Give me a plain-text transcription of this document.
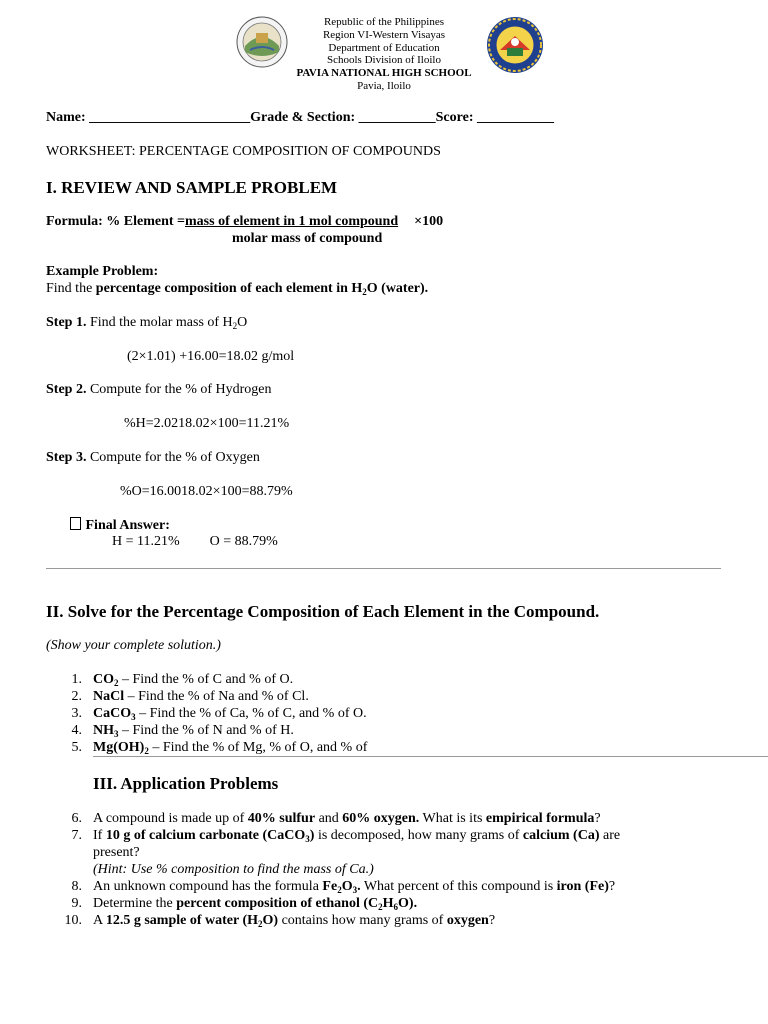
Republic of the Philippines
Region VI-Western Visayas
Department of Education
Schools Division of Iloilo
PAVIA NATIONAL HIGH SCHOOL
Pavia, Iloilo
Name: _______________________Grade & Section: ___________Score: ___________
WORKSHEET: PERCENTAGE COMPOSITION OF COMPOUNDS
I. REVIEW AND SAMPLE PROBLEM
Formula: % Element =mass of element in 1 mol compound ×100
molar mass of compound
Example Problem:
Find the percentage composition of each element in $H_2O$ (water).
Step 1. Find the molar mass of $H_2O$
(2×1.01) +16.00=18.02 g/mol
Step 2. Compute for the % of Hydrogen
%H=2.0218.02×100=11.21%
Step 3. Compute for the % of Oxygen
%O=16.0018.02×100=88.79%
Final Answer:
H = 11.21% O = 88.79%
II. Solve for the Percentage Composition of Each Element in the Compound.
(Show your complete solution.)
1. $CO_2$ – Find the % of C and % of O.
2. NaCl – Find the % of Na and % of Cl.
3. CaCO$_3$ – Find the % of Ca, % of C, and % of O.
4. $NH_3$ – Find the % of N and % of H.
5. $Mg(OH)_2$ – Find the % of Mg, % of O, and % of
III. Application Problems
6. A compound is made up of 40% sulfur and 60% oxygen. What is its empirical formula?
7. If 10 g of calcium carbonate (CaCO$_3$) is decomposed, how many grams of calcium (Ca) are
present?
(Hint: Use % composition to find the mass of Ca.)
8. An unknown compound has the formula $Fe_2O_3$. What percent of this compound is iron (Fe)?
9. Determine the percent composition of ethanol $(C_2H_6O)$.
10. A 12.5 g sample of water $(H_2O)$ contains how many grams of oxygen?
